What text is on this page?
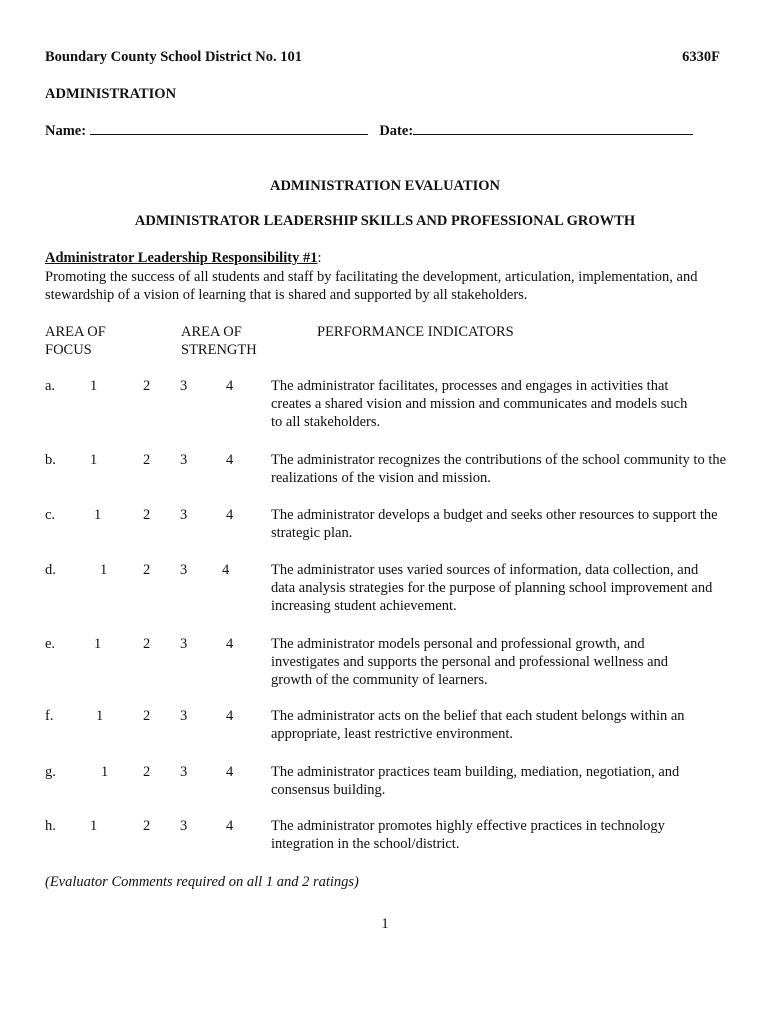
Boundary County School District No. 101	6330F
ADMINISTRATION
Name:	Date:
ADMINISTRATION EVALUATION
ADMINISTRATOR LEADERSHIP SKILLS AND PROFESSIONAL GROWTH
Administrator Leadership Responsibility #1:
Promoting the success of all students and staff by facilitating the development, articulation, implementation, and stewardship of a vision of learning that is shared and supported by all stakeholders.
AREA OF FOCUS
AREA OF STRENGTH
PERFORMANCE INDICATORS
a. 1	2 3	4	The administrator facilitates, processes and engages in activities that creates a shared vision and mission and communicates and models such to all stakeholders.
b. 1	2 3	4	The administrator recognizes the contributions of the school community to the realizations of the vision and mission.
c.	1	2 3	4	The administrator develops a budget and seeks other resources to support the strategic plan.
d.	1 2 3 4	The administrator uses varied sources of information, data collection, and data analysis strategies for the purpose of planning school improvement and increasing student achievement.
e.	1	2 3	4	The administrator models personal and professional growth, and investigates and supports the personal and professional wellness and growth of the community of learners.
f.	1	2 3	4	The administrator acts on the belief that each student belongs within an appropriate, least restrictive environment.
g.	1 2 3	4	The administrator practices team building, mediation, negotiation, and consensus building.
h. 1	2 3	4	The administrator promotes highly effective practices in technology integration in the school/district.
(Evaluator Comments required on all 1 and 2 ratings)
1
